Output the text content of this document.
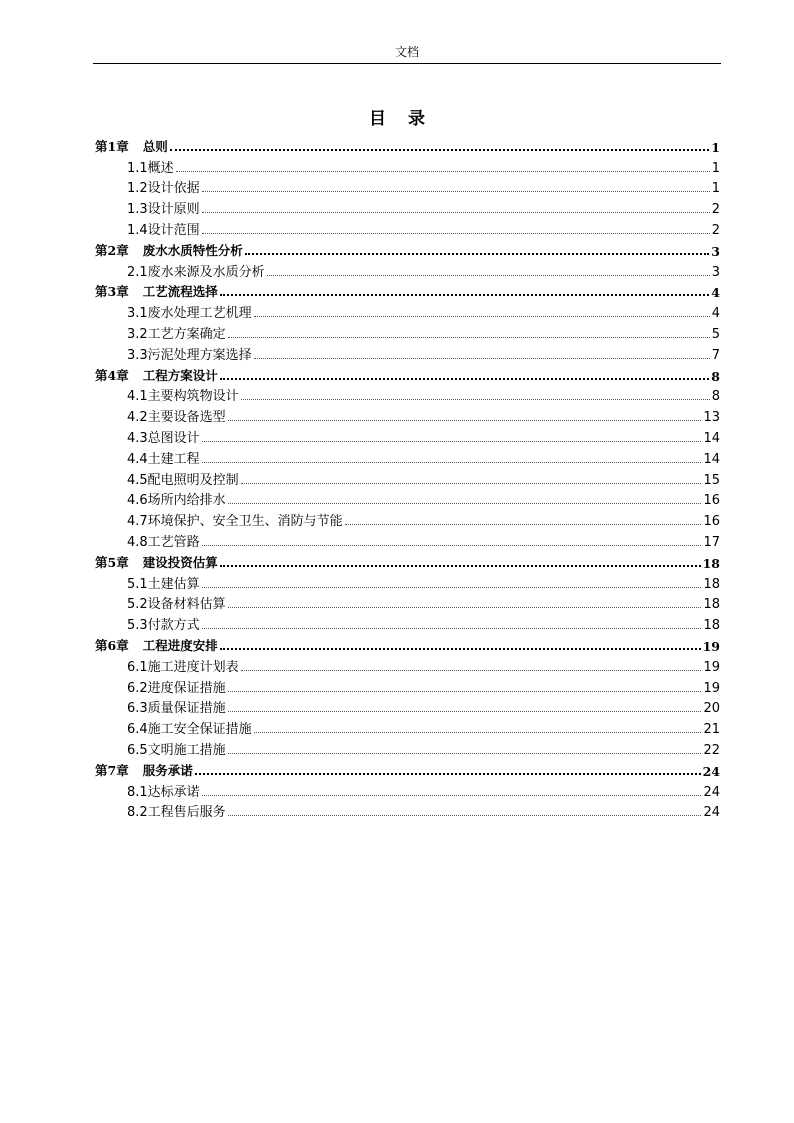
文档
目录
第1章 总则	1
1.1概述	1
1.2设计依据	1
1.3设计原则	2
1.4设计范围	2
第2章 废水水质特性分析	3
2.1废水来源及水质分析	3
第3章 工艺流程选择	4
3.1废水处理工艺机理	4
3.2工艺方案确定	5
3.3污泥处理方案选择	7
第4章 工程方案设计	8
4.1主要构筑物设计	8
4.2主要设备选型	13
4.3总图设计	14
4.4土建工程	14
4.5配电照明及控制	15
4.6场所内给排水	16
4.7环境保护、安全卫生、消防与节能	16
4.8工艺管路	17
第5章 建设投资估算	18
5.1土建估算	18
5.2设备材料估算	18
5.3付款方式	18
第6章 工程进度安排	19
6.1施工进度计划表	19
6.2进度保证措施	19
6.3质量保证措施	20
6.4施工安全保证措施	21
6.5文明施工措施	22
第7章 服务承诺	24
8.1达标承诺	24
8.2工程售后服务	24
